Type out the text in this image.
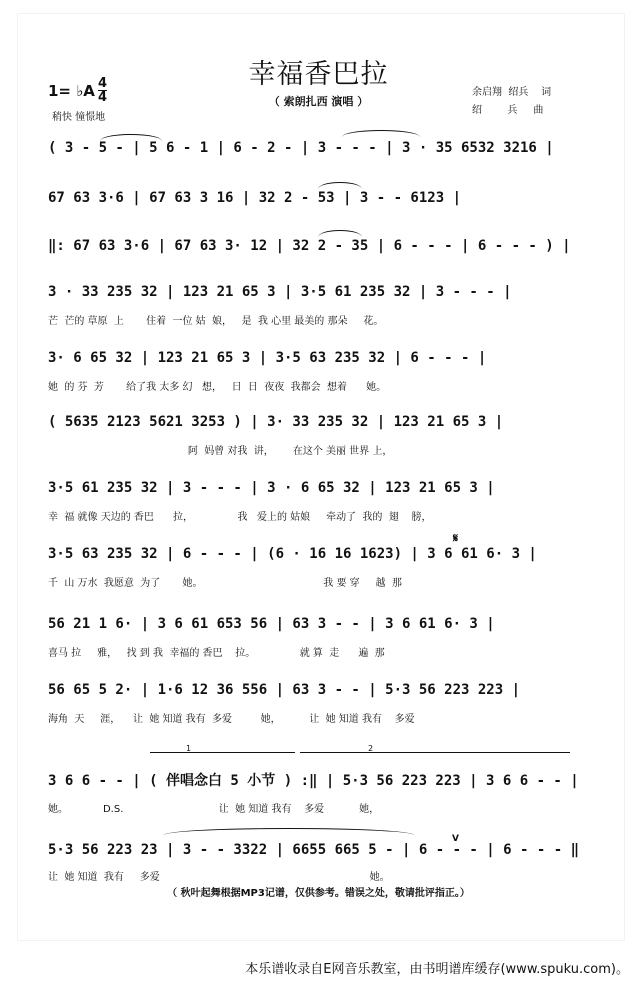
幸福香巴拉
（ 索朗扎西 演唱 ）
1= ♭A 4
4
稍快 憧憬地
余启翔  绍兵    词
绍        兵     曲
( 3 - 5 - | 5 6 - 1 | 6 - 2 - | 3 - - - | 3 · 35 6532 3216 |
67 63 3·6 | 67 63 3 16 | 32 2 - 53 | 3 - - 6123 |
‖: 67 63 3·6 | 67 63 3· 12 | 32 2 - 35 | 6 - - - | 6 - - - ) |
3 · 33 235 32 | 123 21 65 3 | 3·5 61 235 32 | 3 - - - |
芒  芒的 草原  上       住着  一位 姑  娘，   是  我 心里 最美的 那朵     花。
3· 6 65 32 | 123 21 65 3 | 3·5 63 235 32 | 6 - - - |
她  的 芬  芳       给了我 太多 幻   想，   日  日  夜夜  我都会  想着      她。
( 5635 2123 5621 3253 ) | 3· 33 235 32 | 123 21 65 3 |
阿  妈曾 对我  讲，      在这个 美丽 世界 上，
3·5 61 235 32 | 3 - - - | 3 · 6 65 32 | 123 21 65 3 |
幸  福 就像 天边的 香巴      拉，              我   爱上的 姑娘     牵动了  我的  翅    膀，
3·5 63 235 32 | 6 - - - | (6 · 16 16 1623) | 3 6 61 6· 3 |
千  山 万水  我愿意  为了       她。                                      我 要 穿     越  那
56 21 1 6· | 3 6 61 653 56 | 63 3 - - | 3 6 61 6· 3 |
喜马 拉     雅，   找 到 我  幸福的 香巴    拉。              就 算  走      遍  那
56 65 5 2· | 1·6 12 36 556 | 63 3 - - | 5·3 56 223 223 |
海角  天     涯，    让  她 知道 我有  多爱         她，         让  她 知道 我有    多爱
1	2
3 6 6 - - | ( 伴唱念白 5 小节 ) :‖ | 5·3 56 223 223 | 3 6 6 - - |
她。           D.S.                              让  她 知道 我有    多爱           她，
5·3 56 223 23 | 3 - - 3322 | 6655 665 5 - | 6 - - - | 6 - - - ‖
让  她 知道  我有     多爱                                                                  她。
𝄋
V
（ 秋叶起舞根据MP3记谱，仅供参考。错误之处，敬请批评指正。）
本乐谱收录自E网音乐教室，由书明谱库缓存(www.spuku.com)。
